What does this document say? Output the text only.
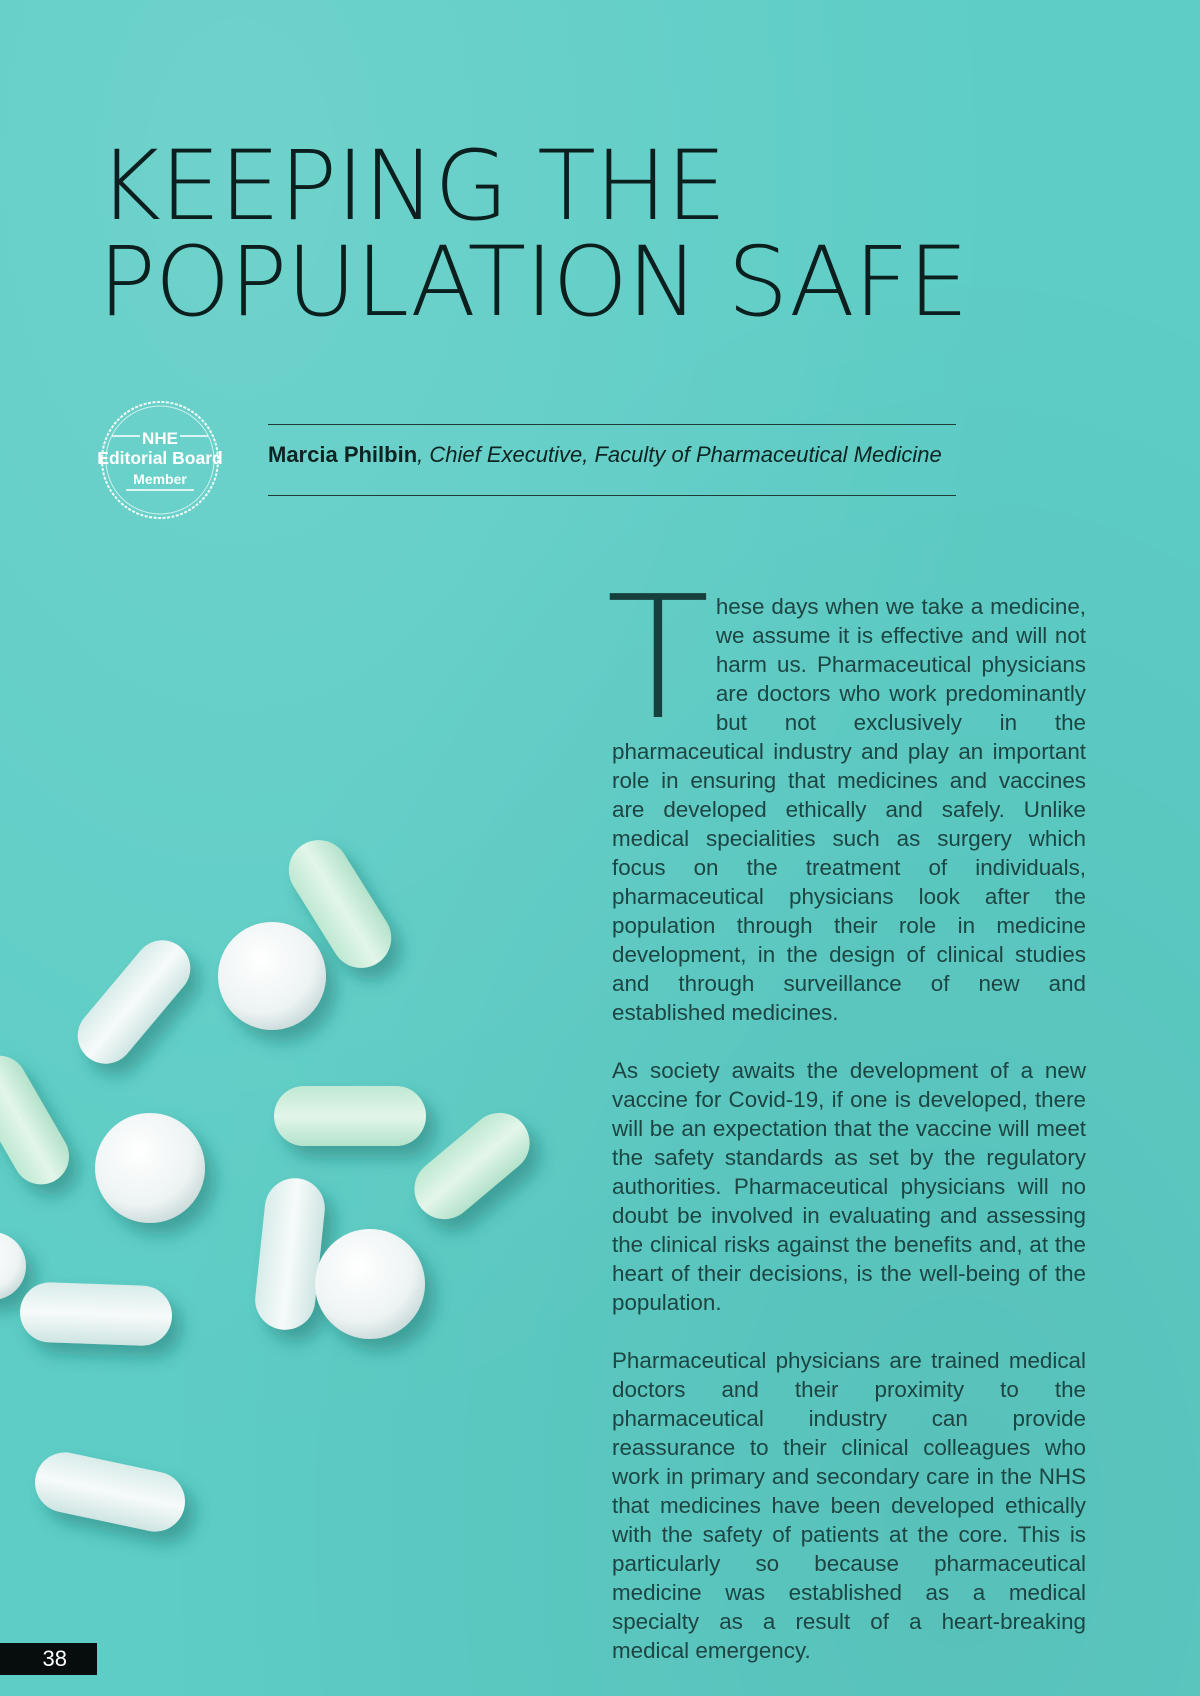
KEEPING THE
POPULATION SAFE
NHE
Editorial Board
Member
Marcia Philbin, Chief Executive, Faculty of Pharmaceutical Medicine

These days when we take a medicine, we assume it is effective and will not harm us. Pharmaceutical physicians are doctors who work predominantly but not exclusively in the pharmaceutical industry and play an important role in ensuring that medicines and vaccines are developed ethically and safely. Unlike medical specialities such as surgery which focus on the treatment of individuals, pharmaceutical physicians look after the population through their role in medicine development, in the design of clinical studies and through surveillance of new and established medicines.

As society awaits the development of a new vaccine for Covid-19, if one is developed, there will be an expectation that the vaccine will meet the safety standards as set by the regulatory authorities. Pharmaceutical physicians will no doubt be involved in evaluating and assessing the clinical risks against the benefits and, at the heart of their decisions, is the well-being of the population.

Pharmaceutical physicians are trained medical doctors and their proximity to the pharmaceutical industry can provide reassurance to their clinical colleagues who work in primary and secondary care in the NHS that medicines have been developed ethically with the safety of patients at the core. This is particularly so because pharmaceutical medicine was established as a medical specialty as a result of a heart-breaking medical emergency.

38
